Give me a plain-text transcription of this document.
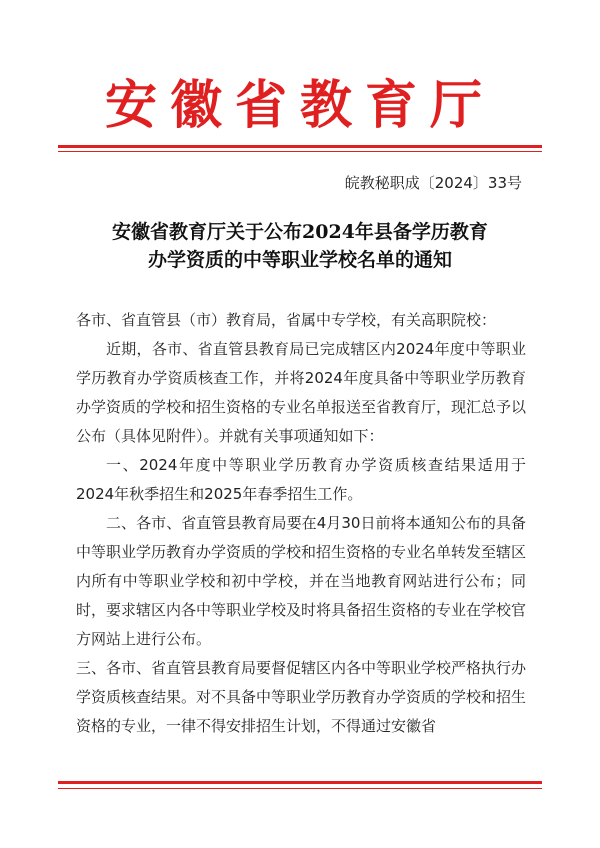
安徽省教育厅
皖教秘职成〔2024〕33号
安徽省教育厅关于公布2024年县备学历教育
办学资质的中等职业学校名单的通知

各市、省直管县（市）教育局，省属中专学校，有关高职院校：

近期，各市、省直管县教育局已完成辖区内2024年度中等职业学历教育办学资质核查工作，并将2024年度具备中等职业学历教育办学资质的学校和招生资格的专业名单报送至省教育厅，现汇总予以公布（具体见附件）。并就有关事项通知如下：

一、2024年度中等职业学历教育办学资质核查结果适用于2024年秋季招生和2025年春季招生工作。

二、各市、省直管县教育局要在4月30日前将本通知公布的具备中等职业学历教育办学资质的学校和招生资格的专业名单转发至辖区内所有中等职业学校和初中学校，并在当地教育网站进行公布；同时，要求辖区内各中等职业学校及时将具备招生资格的专业在学校官方网站上进行公布。

三、各市、省直管县教育局要督促辖区内各中等职业学校严格执行办学资质核查结果。对不具备中等职业学历教育办学资质的学校和招生资格的专业，一律不得安排招生计划，不得通过安徽省
